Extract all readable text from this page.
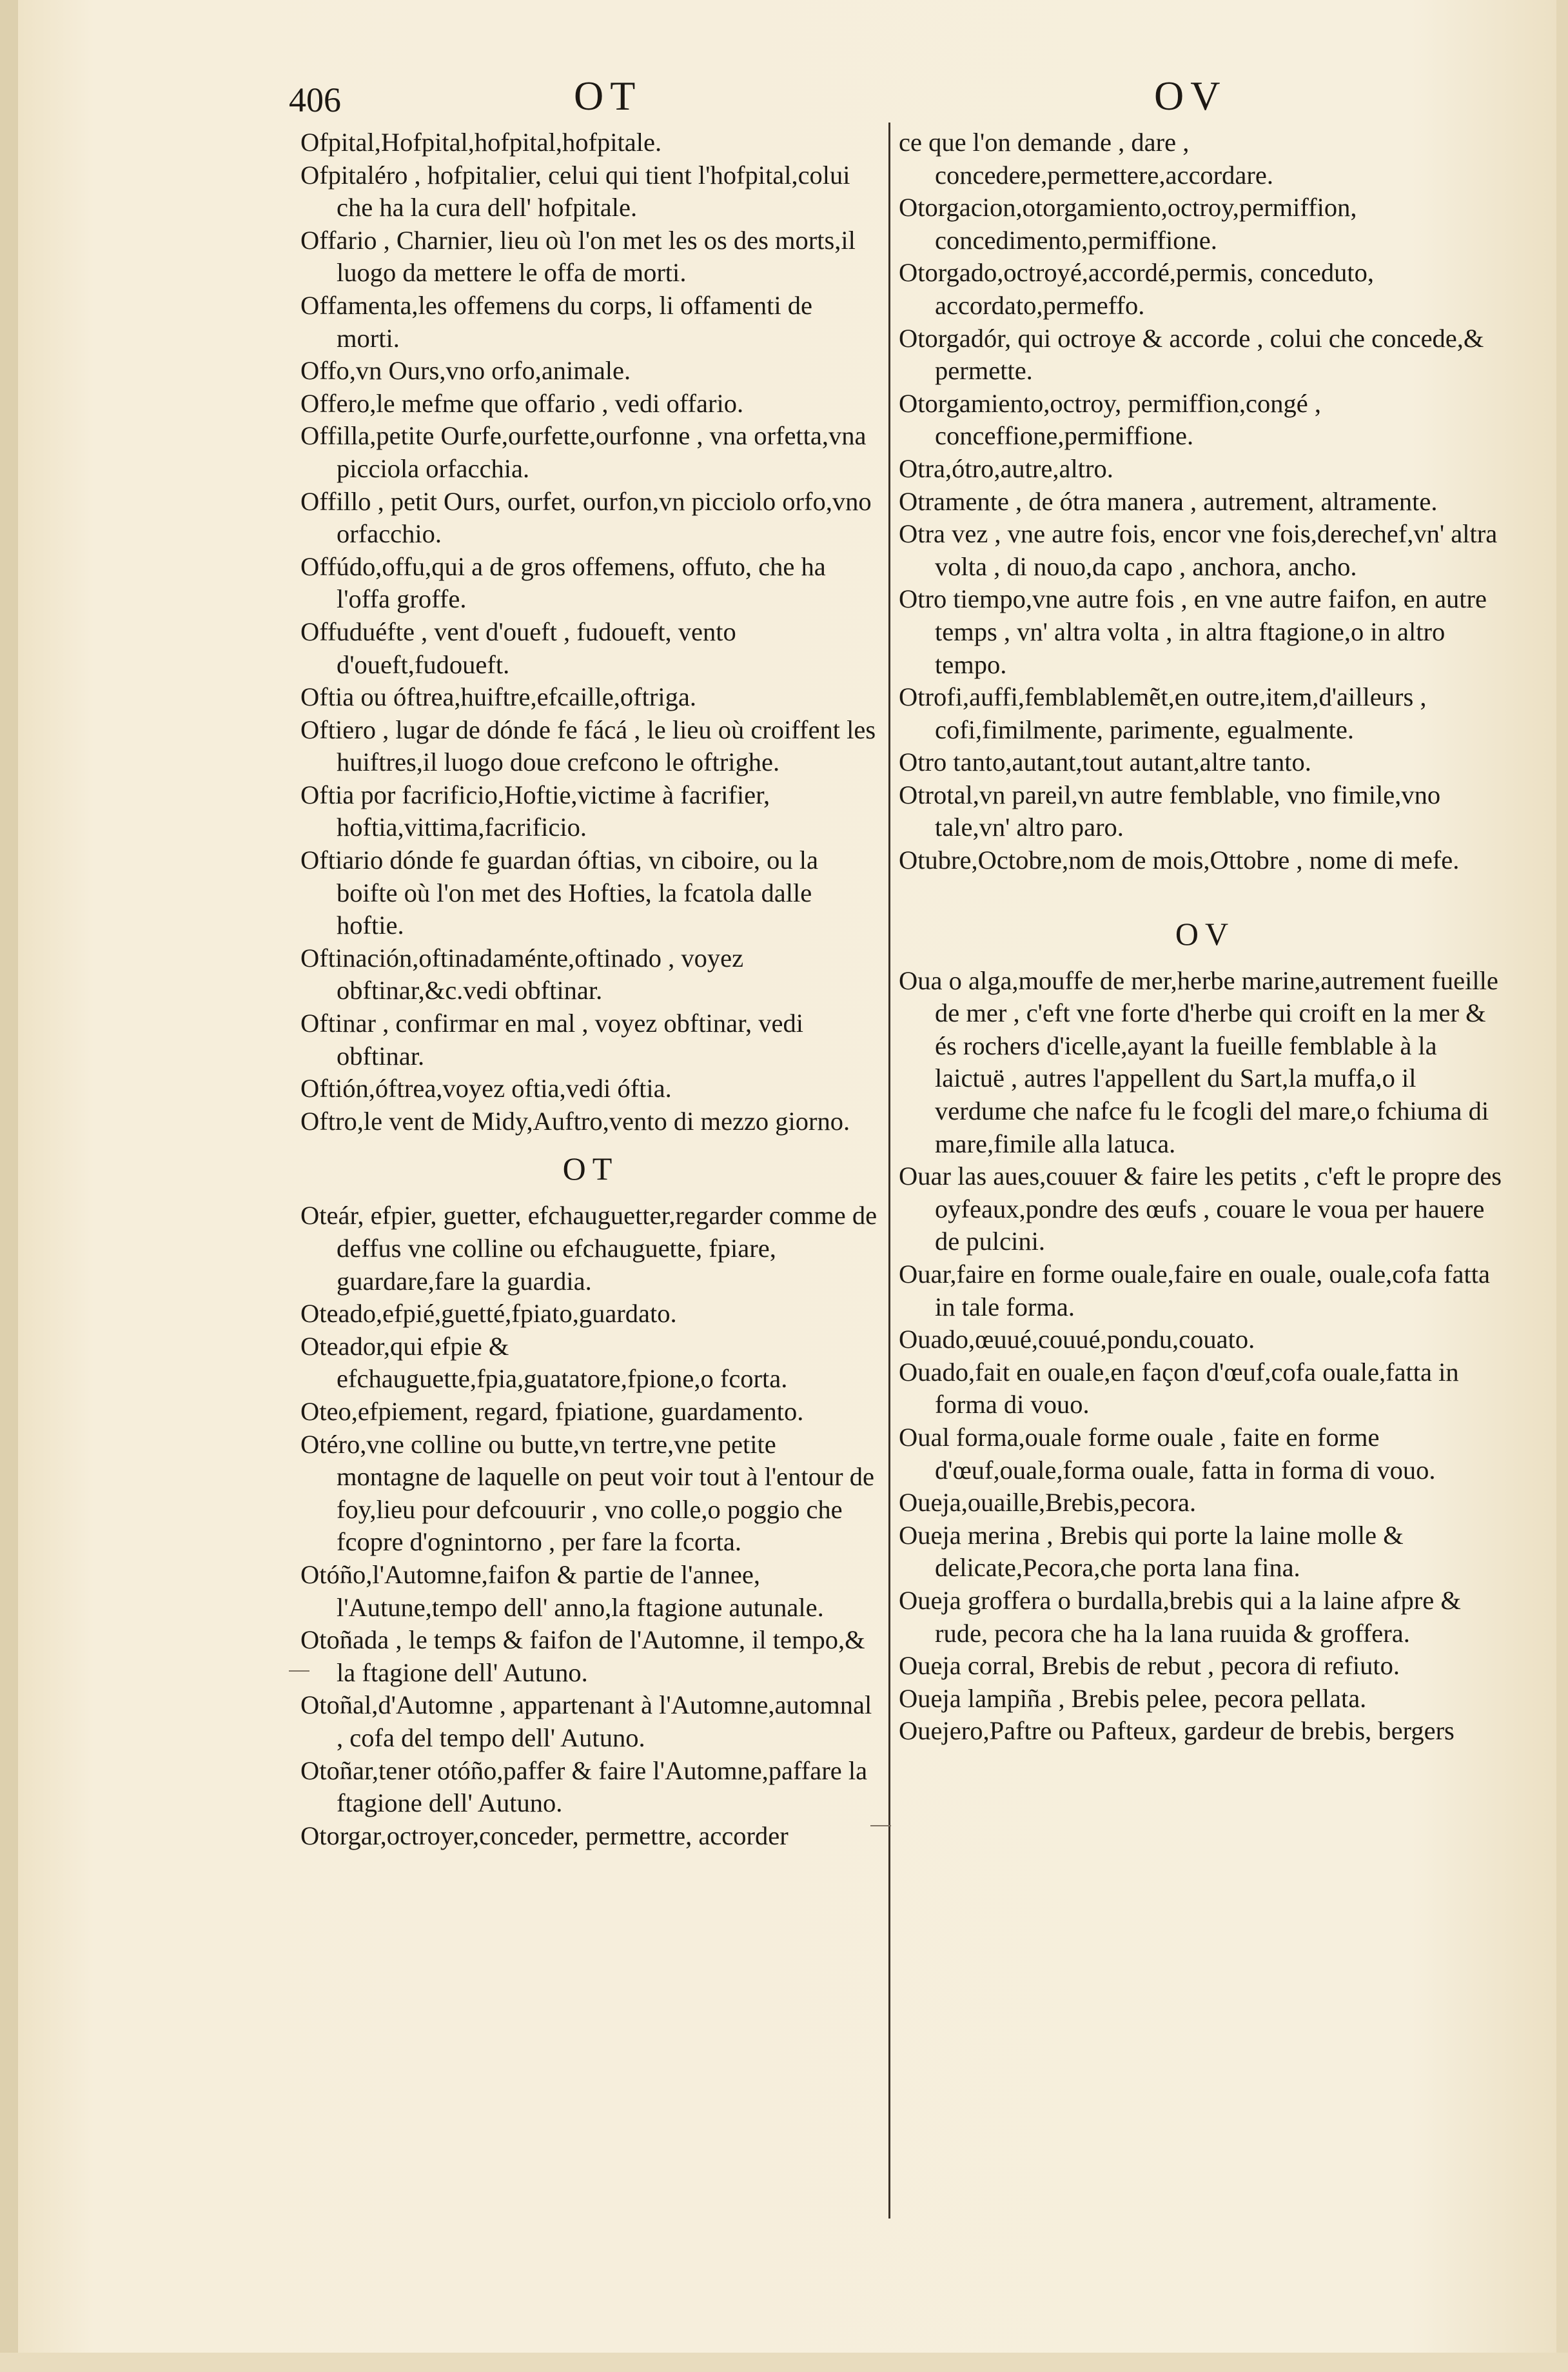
406	OT	OV

Ofpital,Hofpital,hofpital,hofpitale.

Ofpitaléro , hofpitalier, celui qui tient l'hofpital,colui che ha la cura dell' hofpitale.

Offario , Charnier, lieu où l'on met les os des morts,il luogo da mettere le offa de morti.

Offamenta,les offemens du corps, li offamenti de morti.

Offo,vn Ours,vno orfo,animale.

Offero,le mefme que offario , vedi offario.

Offilla,petite Ourfe,ourfette,ourfonne , vna orfetta,vna picciola orfacchia.

Offillo , petit Ours, ourfet, ourfon,vn picciolo orfo,vno orfacchio.

Offúdo,offu,qui a de gros offemens, offuto, che ha l'offa groffe.

Offuduéfte , vent d'oueft , fudoueft, vento d'oueft,fudoueft.

Oftia ou óftrea,huiftre,efcaille,oftriga.

Oftiero , lugar de dónde fe fácá , le lieu où croiffent les huiftres,il luogo doue crefcono le oftrighe.

Oftia por facrificio,Hoftie,victime à facrifier, hoftia,vittima,facrificio.

Oftiario dónde fe guardan óftias, vn ciboire, ou la boifte où l'on met des Hofties, la fcatola dalle hoftie.

Oftinación,oftinadaménte,oftinado , voyez obftinar,&c.vedi obftinar.

Oftinar , confirmar en mal , voyez obftinar, vedi obftinar.

Oftión,óftrea,voyez oftia,vedi óftia.

Oftro,le vent de Midy,Auftro,vento di mezzo giorno.

OT

Oteár, efpier, guetter, efchauguetter,regarder comme de deffus vne colline ou efchauguette, fpiare, guardare,fare la guardia.

Oteado,efpié,guetté,fpiato,guardato.

Oteador,qui efpie & efchauguette,fpia,guatatore,fpione,o fcorta.

Oteo,efpiement, regard, fpiatione, guardamento.

Otéro,vne colline ou butte,vn tertre,vne petite montagne de laquelle on peut voir tout à l'entour de foy,lieu pour defcouurir , vno colle,o poggio che fcopre d'ognintorno , per fare la fcorta.

Otóño,l'Automne,faifon & partie de l'annee, l'Autune,tempo dell' anno,la ftagione autunale.

Otoñada , le temps & faifon de l'Automne, il tempo,& la ftagione dell' Autuno.

Otoñal,d'Automne , appartenant à l'Automne,automnal , cofa del tempo dell' Autuno.

Otoñar,tener otóño,paffer & faire l'Automne,paffare la ftagione dell' Autuno.

Otorgar,octroyer,conceder, permettre, accorder

ce que l'on demande , dare , concedere,permettere,accordare.

Otorgacion,otorgamiento,octroy,permiffion, concedimento,permiffione.

Otorgado,octroyé,accordé,permis, conceduto, accordato,permeffo.

Otorgadór, qui octroye & accorde , colui che concede,& permette.

Otorgamiento,octroy, permiffion,congé , conceffione,permiffione.

Otra,ótro,autre,altro.

Otramente , de ótra manera , autrement, altramente.

Otra vez , vne autre fois, encor vne fois,derechef,vn' altra volta , di nouo,da capo , anchora, ancho.

Otro tiempo,vne autre fois , en vne autre faifon, en autre temps , vn' altra volta , in altra ftagione,o in altro tempo.

Otrofi,auffi,femblablemẽt,en outre,item,d'ailleurs , cofi,fimilmente, parimente, egualmente.

Otro tanto,autant,tout autant,altre tanto.

Otrotal,vn pareil,vn autre femblable, vno fimile,vno tale,vn' altro paro.

Otubre,Octobre,nom de mois,Ottobre , nome di mefe.

OV

Oua o alga,mouffe de mer,herbe marine,autrement fueille de mer , c'eft vne forte d'herbe qui croift en la mer & és rochers d'icelle,ayant la fueille femblable à la laictuë , autres l'appellent du Sart,la muffa,o il verdume che nafce fu le fcogli del mare,o fchiuma di mare,fimile alla latuca.

Ouar las aues,couuer & faire les petits , c'eft le propre des oyfeaux,pondre des œufs , couare le voua per hauere de pulcini.

Ouar,faire en forme ouale,faire en ouale, ouale,cofa fatta in tale forma.

Ouado,œuué,couué,pondu,couato.

Ouado,fait en ouale,en façon d'œuf,cofa ouale,fatta in forma di vouo.

Oual forma,ouale forme ouale , faite en forme d'œuf,ouale,forma ouale, fatta in forma di vouo.

Oueja,ouaille,Brebis,pecora.

Oueja merina , Brebis qui porte la laine molle & delicate,Pecora,che porta lana fina.

Oueja groffera o burdalla,brebis qui a la laine afpre & rude, pecora che ha la lana ruuida & groffera.

Oueja corral, Brebis de rebut , pecora di refiuto.

Oueja lampiña , Brebis pelee, pecora pellata.

Ouejero,Paftre ou Pafteux, gardeur de brebis, bergers
